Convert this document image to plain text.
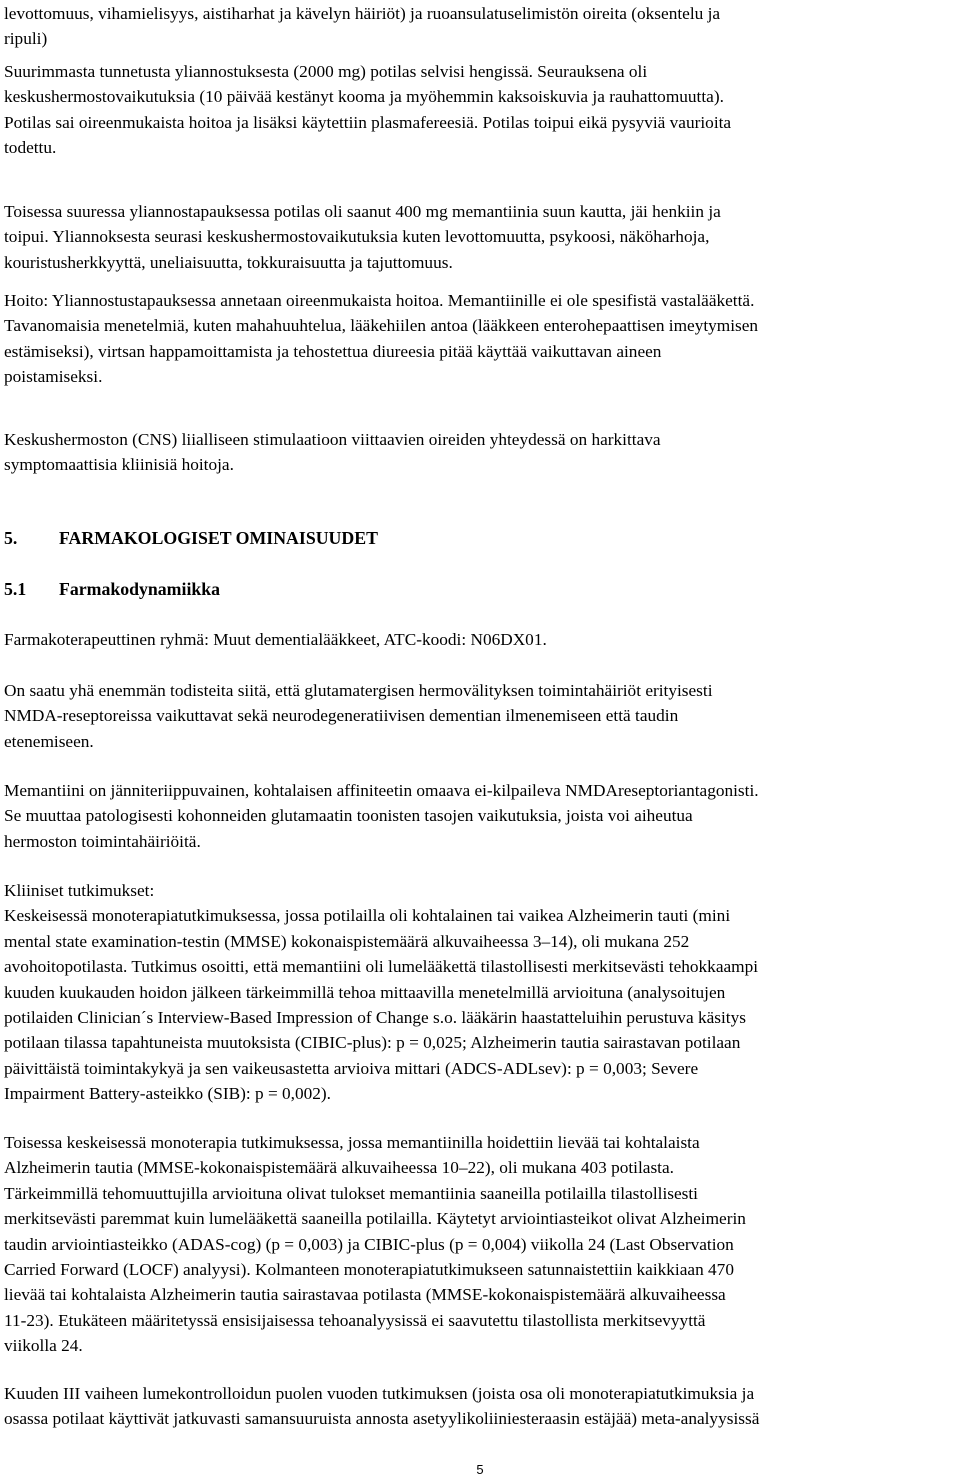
levottomuus, vihamielisyys, aistiharhat ja kävelyn häiriöt) ja ruoansulatuselimistön oireita (oksentelu ja
ripuli)

Suurimmasta tunnetusta yliannostuksesta (2000 mg) potilas selvisi hengissä. Seurauksena oli
keskushermostovaikutuksia (10 päivää kestänyt kooma ja myöhemmin kaksoiskuvia ja rauhattomuutta).
Potilas sai oireenmukaista hoitoa ja lisäksi käytettiin plasmafereesiä. Potilas toipui eikä pysyviä vaurioita
todettu.

Toisessa suuressa yliannostapauksessa potilas oli saanut 400 mg memantiinia suun kautta, jäi henkiin ja
toipui. Yliannoksesta seurasi keskushermostovaikutuksia kuten levottomuutta, psykoosi, näköharhoja,
kouristusherkkyyttä, uneliaisuutta, tokkuraisuutta ja tajuttomuus.

Hoito: Yliannostustapauksessa annetaan oireenmukaista hoitoa. Memantiinille ei ole spesifistä vastalääkettä.
Tavanomaisia menetelmiä, kuten mahahuuhtelua, lääkehiilen antoa (lääkkeen enterohepaattisen imeytymisen
estämiseksi), virtsan happamoittamista ja tehostettua diureesia pitää käyttää vaikuttavan aineen
poistamiseksi.

Keskushermoston (CNS) liialliseen stimulaatioon viittaavien oireiden yhteydessä on harkittava
symptomaattisia kliinisiä hoitoja.

5. FARMAKOLOGISET OMINAISUUDET
5.1 Farmakodynamiikka

Farmakoterapeuttinen ryhmä: Muut dementialääkkeet, ATC-koodi: N06DX01.

On saatu yhä enemmän todisteita siitä, että glutamatergisen hermovälityksen toimintahäiriöt erityisesti
NMDA-reseptoreissa vaikuttavat sekä neurodegeneratiivisen dementian ilmenemiseen että taudin
etenemiseen.

Memantiini on jänniteriippuvainen, kohtalaisen affiniteetin omaava ei-kilpaileva NMDAreseptoriantagonisti.
Se muuttaa patologisesti kohonneiden glutamaatin toonisten tasojen vaikutuksia, joista voi aiheutua
hermoston toimintahäiriöitä.

Kliiniset tutkimukset:
Keskeisessä monoterapiatutkimuksessa, jossa potilailla oli kohtalainen tai vaikea Alzheimerin tauti (mini
mental state examination-testin (MMSE) kokonaispistemäärä alkuvaiheessa 3–14), oli mukana 252
avohoitopotilasta. Tutkimus osoitti, että memantiini oli lumelääkettä tilastollisesti merkitsevästi tehokkaampi
kuuden kuukauden hoidon jälkeen tärkeimmillä tehoa mittaavilla menetelmillä arvioituna (analysoitujen
potilaiden Clinician´s Interview-Based Impression of Change s.o. lääkärin haastatteluihin perustuva käsitys
potilaan tilassa tapahtuneista muutoksista (CIBIC-plus): p = 0,025; Alzheimerin tautia sairastavan potilaan
päivittäistä toimintakykyä ja sen vaikeusastetta arvioiva mittari (ADCS-ADLsev): p = 0,003; Severe
Impairment Battery-asteikko (SIB): p = 0,002).

Toisessa keskeisessä monoterapia tutkimuksessa, jossa memantiinilla hoidettiin lievää tai kohtalaista
Alzheimerin tautia (MMSE-kokonaispistemäärä alkuvaiheessa 10–22), oli mukana 403 potilasta.
Tärkeimmillä tehomuuttujilla arvioituna olivat tulokset memantiinia saaneilla potilailla tilastollisesti
merkitsevästi paremmat kuin lumelääkettä saaneilla potilailla. Käytetyt arviointiasteikot olivat Alzheimerin
taudin arviointiasteikko (ADAS-cog) (p = 0,003) ja CIBIC-plus (p = 0,004) viikolla 24 (Last Observation
Carried Forward (LOCF) analyysi). Kolmanteen monoterapiatutkimukseen satunnaistettiin kaikkiaan 470
lievää tai kohtalaista Alzheimerin tautia sairastavaa potilasta (MMSE-kokonaispistemäärä alkuvaiheessa
11-23). Etukäteen määritetyssä ensisijaisessa tehoanalyysissä ei saavutettu tilastollista merkitsevyyttä
viikolla 24.

Kuuden III vaiheen lumekontrolloidun puolen vuoden tutkimuksen (joista osa oli monoterapiatutkimuksia ja
osassa potilaat käyttivät jatkuvasti samansuuruista annosta asetyylikoliiniesteraasin estäjää) meta-analyysissä

5
